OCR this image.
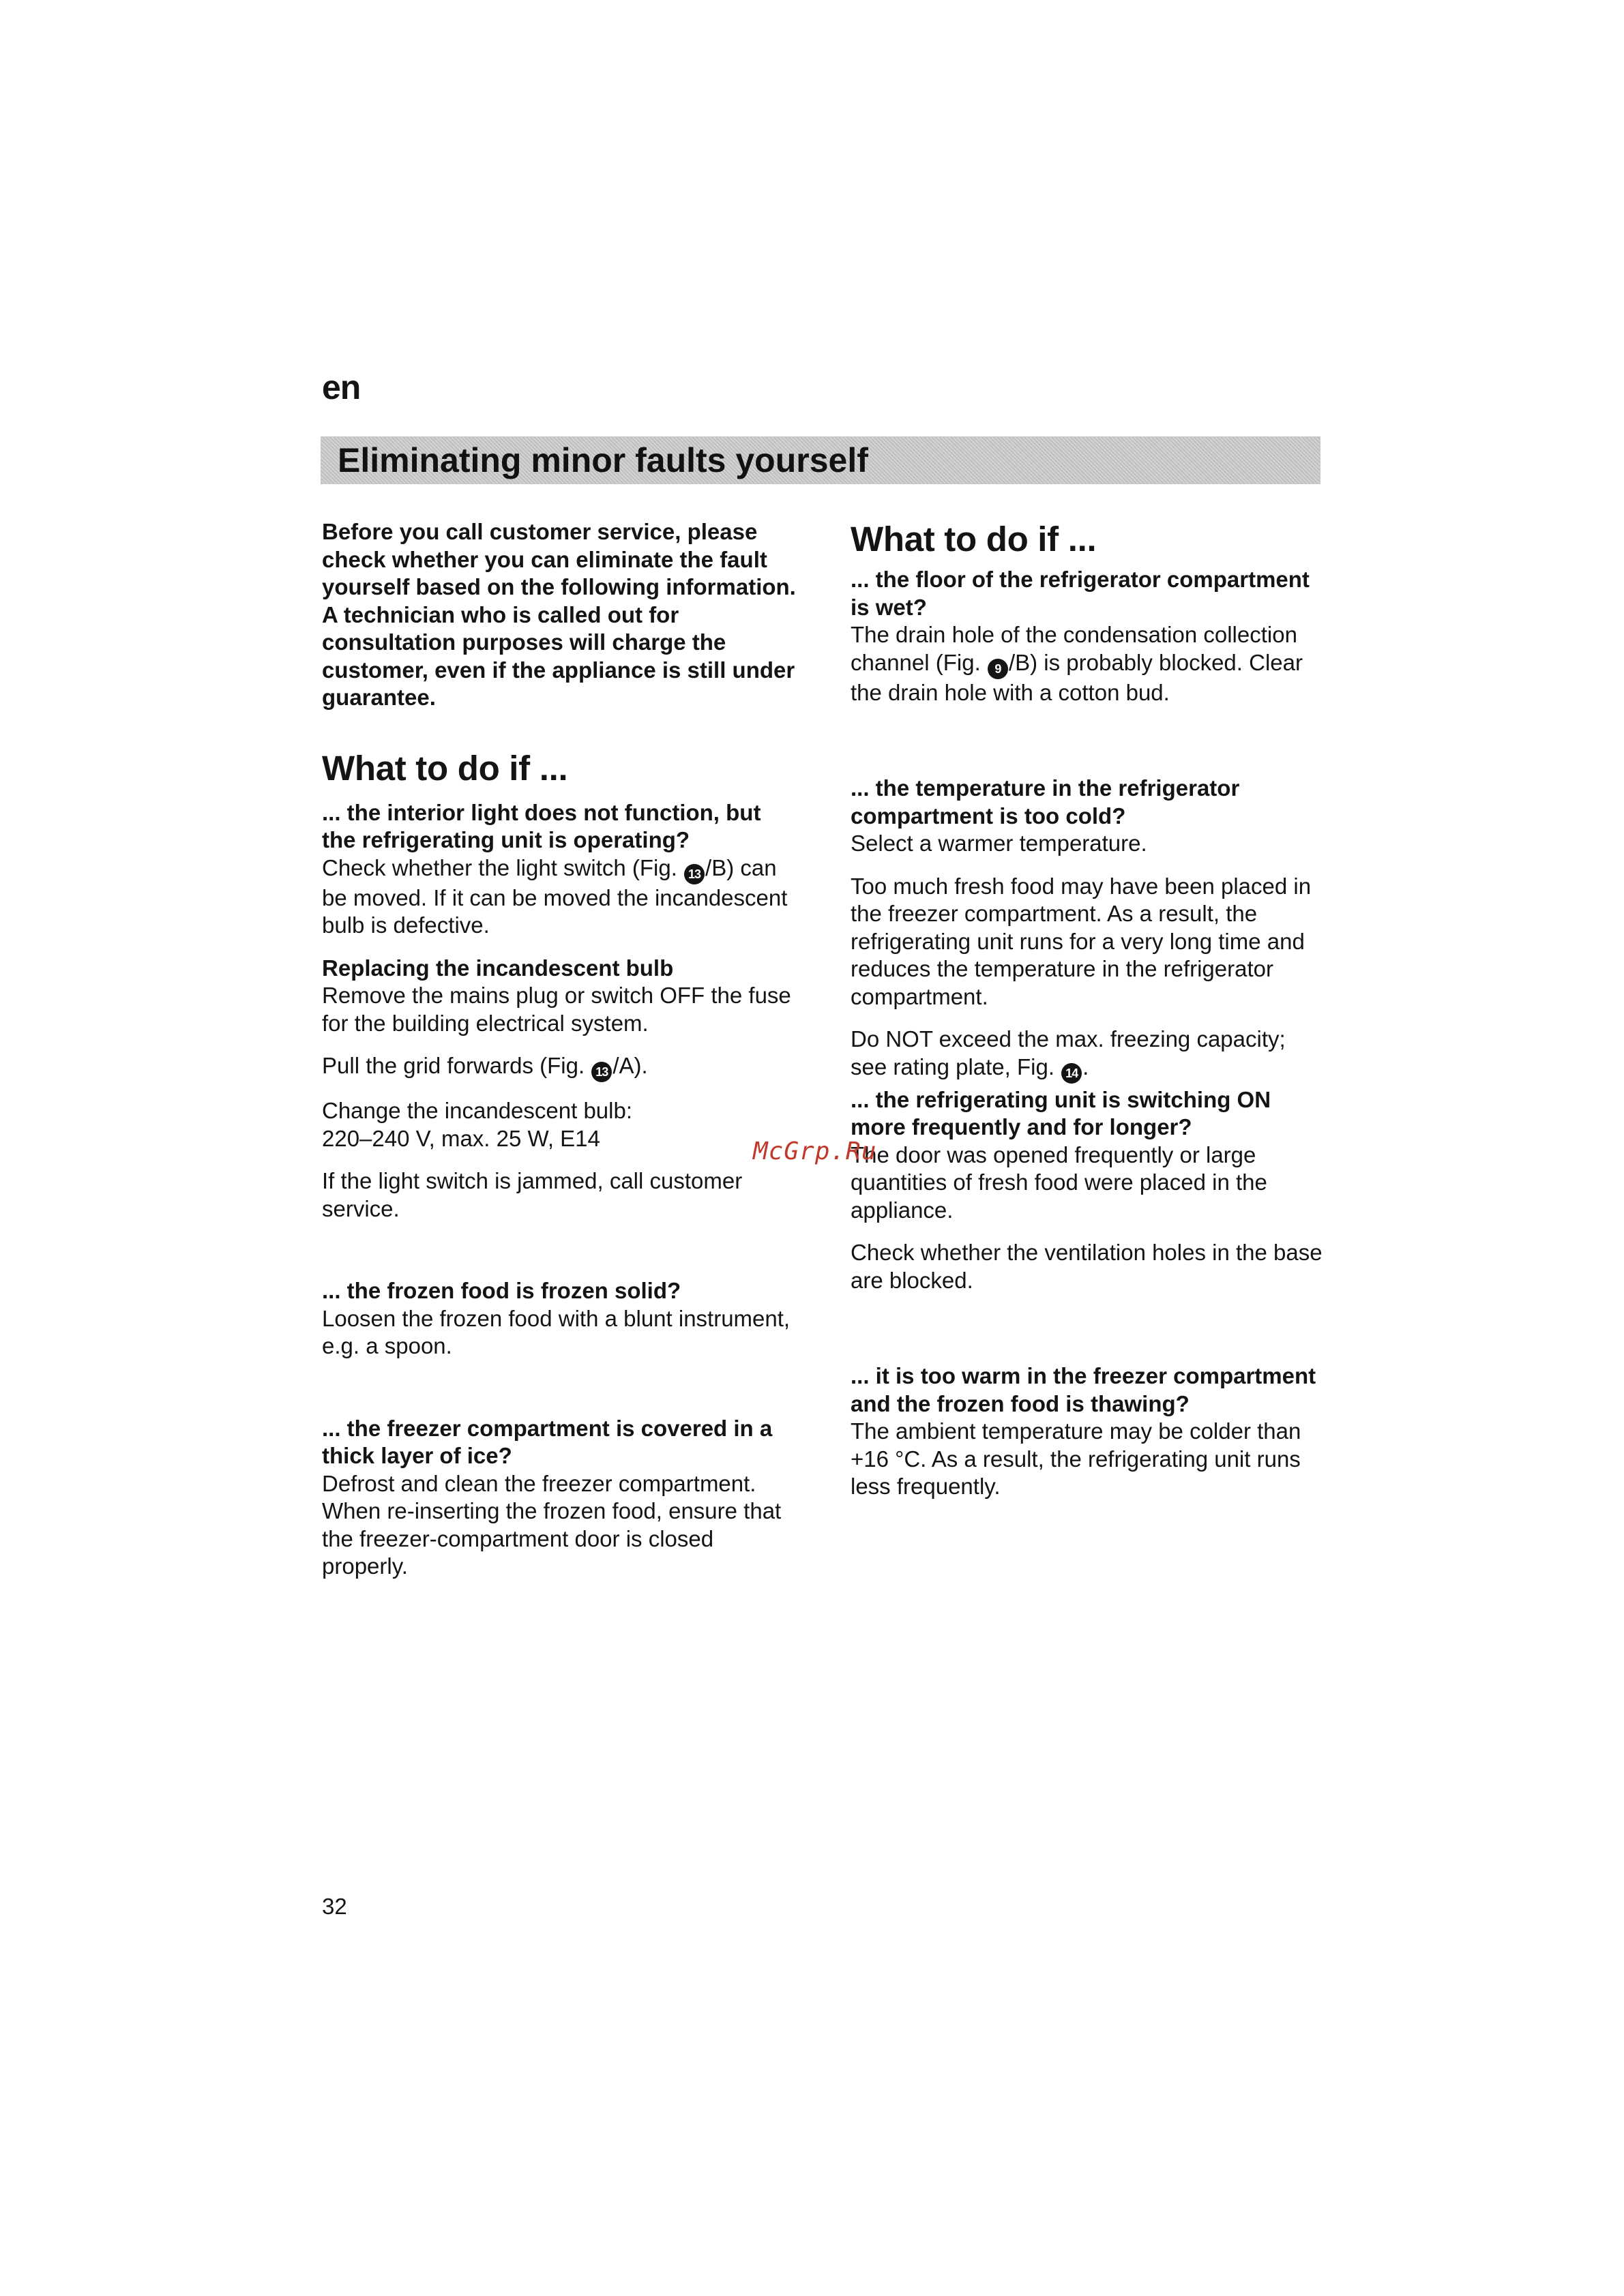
en
Eliminating minor faults yourself

Before you call customer service, please check whether you can eliminate the fault yourself based on the following information.

A technician who is called out for consultation purposes will charge the customer, even if the appliance is still under guarantee.

What to do if ...

... the interior light does not function, but the refrigerating unit is operating?

Check whether the light switch (Fig. 13 /B) can be moved. If it can be moved the incandescent bulb is defective.

Replacing the incandescent bulb

Remove the mains plug or switch OFF the fuse for the building electrical system.

Pull the grid forwards (Fig. 13 /A).

Change the incandescent bulb:
220–240 V, max. 25 W, E14

If the light switch is jammed, call customer service.

... the frozen food is frozen solid?

Loosen the frozen food with a blunt instrument, e.g. a spoon.

... the freezer compartment is covered in a thick layer of ice?

Defrost and clean the freezer compartment. When re-inserting the frozen food, ensure that the freezer-compartment door is closed properly.

What to do if ...

... the floor of the refrigerator compartment is wet?

The drain hole of the condensation collection channel (Fig. 9 /B) is probably blocked. Clear the drain hole with a cotton bud.

... the temperature in the refrigerator compartment is too cold?

Select a warmer temperature.

Too much fresh food may have been placed in the freezer compartment. As a result, the refrigerating unit runs for a very long time and reduces the temperature in the refrigerator compartment.

Do NOT exceed the max. freezing capacity; see rating plate, Fig. 14 .

... the refrigerating unit is switching ON more frequently and for longer?

The door was opened frequently or large quantities of fresh food were placed in the appliance.

Check whether the ventilation holes in the base are blocked.

... it is too warm in the freezer compartment and the frozen food is thawing?

The ambient temperature may be colder than +16 °C. As a result, the refrigerating unit runs less frequently.

McGrp.Ru
32
